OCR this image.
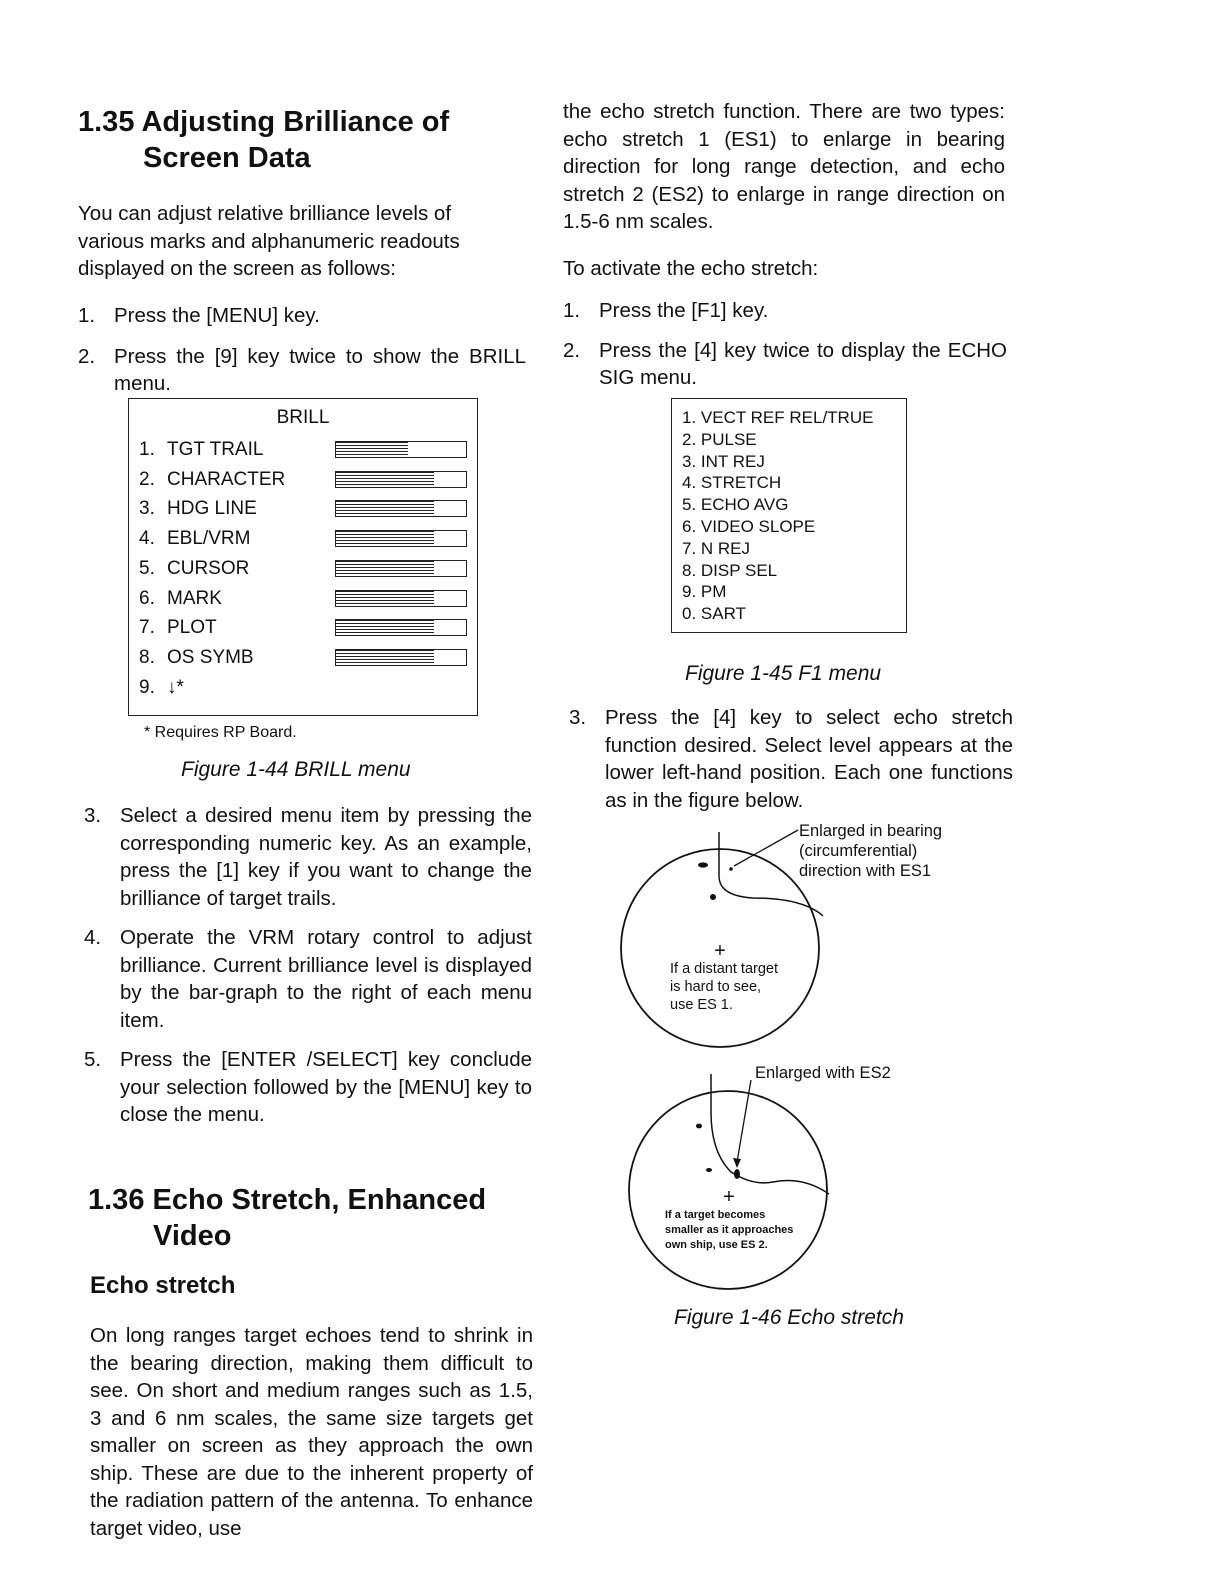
1.35 Adjusting Brilliance of
Screen Data

You can adjust relative brilliance levels of various marks and alphanumeric readouts displayed on the screen as follows:

1. Press the [MENU] key.
2. Press the [9] key twice to show the BRILL menu.
BRILL
1. TGT TRAIL
2. CHARACTER
3. HDG LINE
4. EBL/VRM
5. CURSOR
6. MARK
7. PLOT
8. OS SYMB
9. ↓*
* Requires RP Board.
Figure 1-44 BRILL menu
3. Select a desired menu item by pressing the corresponding numeric key. As an example, press the [1] key if you want to change the brilliance of target trails.
4. Operate the VRM rotary control to adjust brilliance. Current brilliance level is displayed by the bar-graph to the right of each menu item.
5. Press the [ENTER /SELECT] key conclude your selection followed by the [MENU] key to close the menu.
1.36 Echo Stretch, Enhanced
Video
Echo stretch

On long ranges target echoes tend to shrink in the bearing direction, making them difficult to see. On short and medium ranges such as 1.5, 3 and 6 nm scales, the same size targets get smaller on screen as they approach the own ship. These are due to the inherent property of the radiation pattern of the antenna. To enhance target video, use

the echo stretch function. There are two types: echo stretch 1 (ES1) to enlarge in bearing direction for long range detection, and echo stretch 2 (ES2) to enlarge in range direction on 1.5-6 nm scales.

To activate the echo stretch:

1. Press the [F1] key.
2. Press the [4] key twice to display the ECHO SIG menu.
1. VECT REF REL/TRUE
2. PULSE
3. INT REJ
4. STRETCH
5. ECHO AVG
6. VIDEO SLOPE
7. N REJ
8. DISP SEL
9. PM
0. SART
Figure 1-45 F1 menu
3. Press the [4] key to select echo stretch function desired. Select level appears at the lower left-hand position. Each one functions as in the figure below.
Enlarged in bearing
(circumferential)
direction with ES1
+
If a distant target
is hard to see,
use ES 1.
Enlarged with ES2
+
If a target becomes
smaller as it approaches
own ship, use ES 2.
Figure 1-46 Echo stretch
